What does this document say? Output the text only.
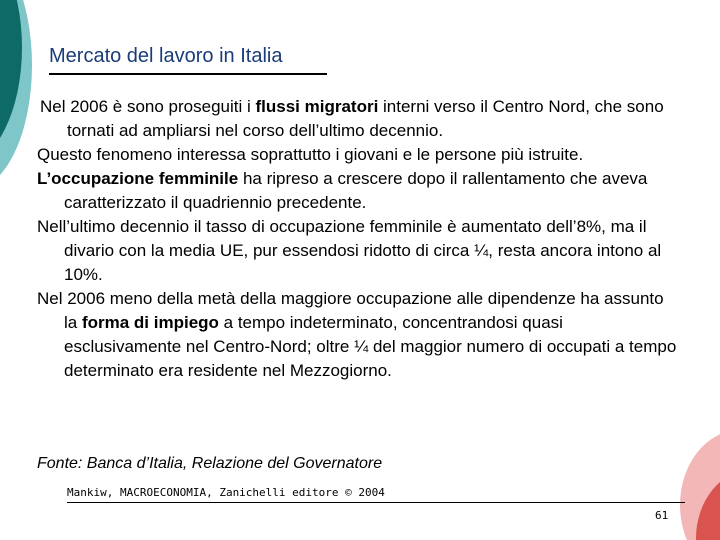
Mercato del lavoro in Italia

Nel 2006 è sono proseguiti i flussi migratori interni verso il Centro Nord, che sono tornati ad ampliarsi nel corso dell’ultimo decennio.

Questo fenomeno interessa soprattutto i giovani e le persone più istruite.

L’occupazione femminile ha ripreso a crescere dopo il rallentamento che aveva caratterizzato il quadriennio precedente.

Nell’ultimo decennio il tasso di occupazione femminile è aumentato dell’8%, ma il divario con la media UE, pur essendosi ridotto di circa ¼, resta ancora intono al 10%.

Nel 2006 meno della metà della maggiore occupazione alle dipendenze ha assunto la forma di impiego a tempo indeterminato, concentrandosi quasi esclusivamente nel Centro-Nord; oltre ¼ del maggior numero di occupati a tempo determinato era residente nel Mezzogiorno.

Fonte: Banca d’Italia, Relazione del Governatore
Mankiw, MACROECONOMIA, Zanichelli editore © 2004
61
